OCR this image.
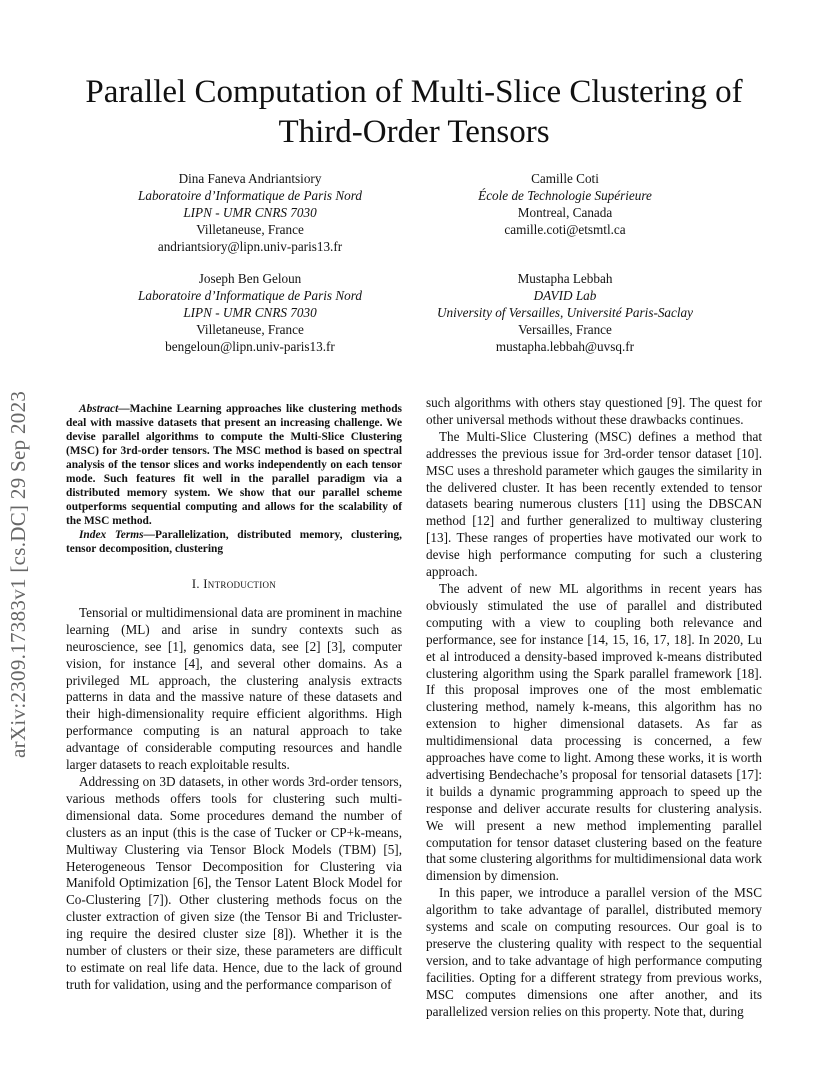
arXiv:2309.17383v1 [cs.DC] 29 Sep 2023
Parallel Computation of Multi-Slice Clustering of
Third-Order Tensors
Dina Faneva Andriantsiory
Laboratoire d’Informatique de Paris Nord
LIPN - UMR CNRS 7030
Villetaneuse, France
andriantsiory@lipn.univ-paris13.fr
Camille Coti
École de Technologie Supérieure
Montreal, Canada
camille.coti@etsmtl.ca
Joseph Ben Geloun
Laboratoire d’Informatique de Paris Nord
LIPN - UMR CNRS 7030
Villetaneuse, France
bengeloun@lipn.univ-paris13.fr
Mustapha Lebbah
DAVID Lab
University of Versailles, Université Paris-Saclay
Versailles, France
mustapha.lebbah@uvsq.fr

Abstract—Machine Learning approaches like clustering methods deal with massive datasets that present an increasing challenge. We devise parallel algorithms to compute the Multi-Slice Clustering (MSC) for 3rd-order tensors. The MSC method is based on spectral analysis of the tensor slices and works independently on each tensor mode. Such features fit well in the parallel paradigm via a distributed memory system. We show that our parallel scheme outperforms sequential computing and allows for the scalability of the MSC method.

Index Terms—Parallelization, distributed memory, clustering, tensor decomposition, clustering

I. Introduction

Tensorial or multidimensional data are prominent in machine learning (ML) and arise in sundry contexts such as neuroscience, see [1], genomics data, see [2] [3], computer vision, for instance [4], and several other domains. As a privileged ML approach, the clustering analysis extracts patterns in data and the massive nature of these datasets and their high-dimensionality require efficient algorithms. High performance computing is an natural approach to take advantage of considerable computing resources and handle larger datasets to reach exploitable results.

Addressing on 3D datasets, in other words 3rd-order tensors, various methods offers tools for clustering such multi-dimensional data. Some procedures demand the number of clusters as an input (this is the case of Tucker or CP+k-means, Multiway Clustering via Tensor Block Models (TBM) [5], Heterogeneous Tensor Decomposition for Clustering via Manifold Optimization [6], the Tensor Latent Block Model for Co-Clustering [7]). Other clustering methods focus on the cluster extraction of given size (the Tensor Bi and Tricluster-ing require the desired cluster size [8]). Whether it is the number of clusters or their size, these parameters are difficult to estimate on real life data. Hence, due to the lack of ground truth for validation, using and the performance comparison of

such algorithms with others stay questioned [9]. The quest for other universal methods without these drawbacks continues.

The Multi-Slice Clustering (MSC) defines a method that addresses the previous issue for 3rd-order tensor dataset [10]. MSC uses a threshold parameter which gauges the similarity in the delivered cluster. It has been recently extended to tensor datasets bearing numerous clusters [11] using the DBSCAN method [12] and further generalized to multiway clustering [13]. These ranges of properties have motivated our work to devise high performance computing for such a clustering approach.

The advent of new ML algorithms in recent years has obviously stimulated the use of parallel and distributed computing with a view to coupling both relevance and performance, see for instance [14, 15, 16, 17, 18]. In 2020, Lu et al introduced a density-based improved k-means distributed clustering algorithm using the Spark parallel framework [18]. If this proposal improves one of the most emblematic clustering method, namely k-means, this algorithm has no extension to higher dimensional datasets. As far as multidimensional data processing is concerned, a few approaches have come to light. Among these works, it is worth advertising Bendechache’s proposal for tensorial datasets [17]: it builds a dynamic programming approach to speed up the response and deliver accurate results for clustering analysis. We will present a new method implementing parallel computation for tensor dataset clustering based on the feature that some clustering algorithms for multidimensional data work dimension by dimension.

In this paper, we introduce a parallel version of the MSC algorithm to take advantage of parallel, distributed memory systems and scale on computing resources. Our goal is to preserve the clustering quality with respect to the sequential version, and to take advantage of high performance computing facilities. Opting for a different strategy from previous works, MSC computes dimensions one after another, and its parallelized version relies on this property. Note that, during
